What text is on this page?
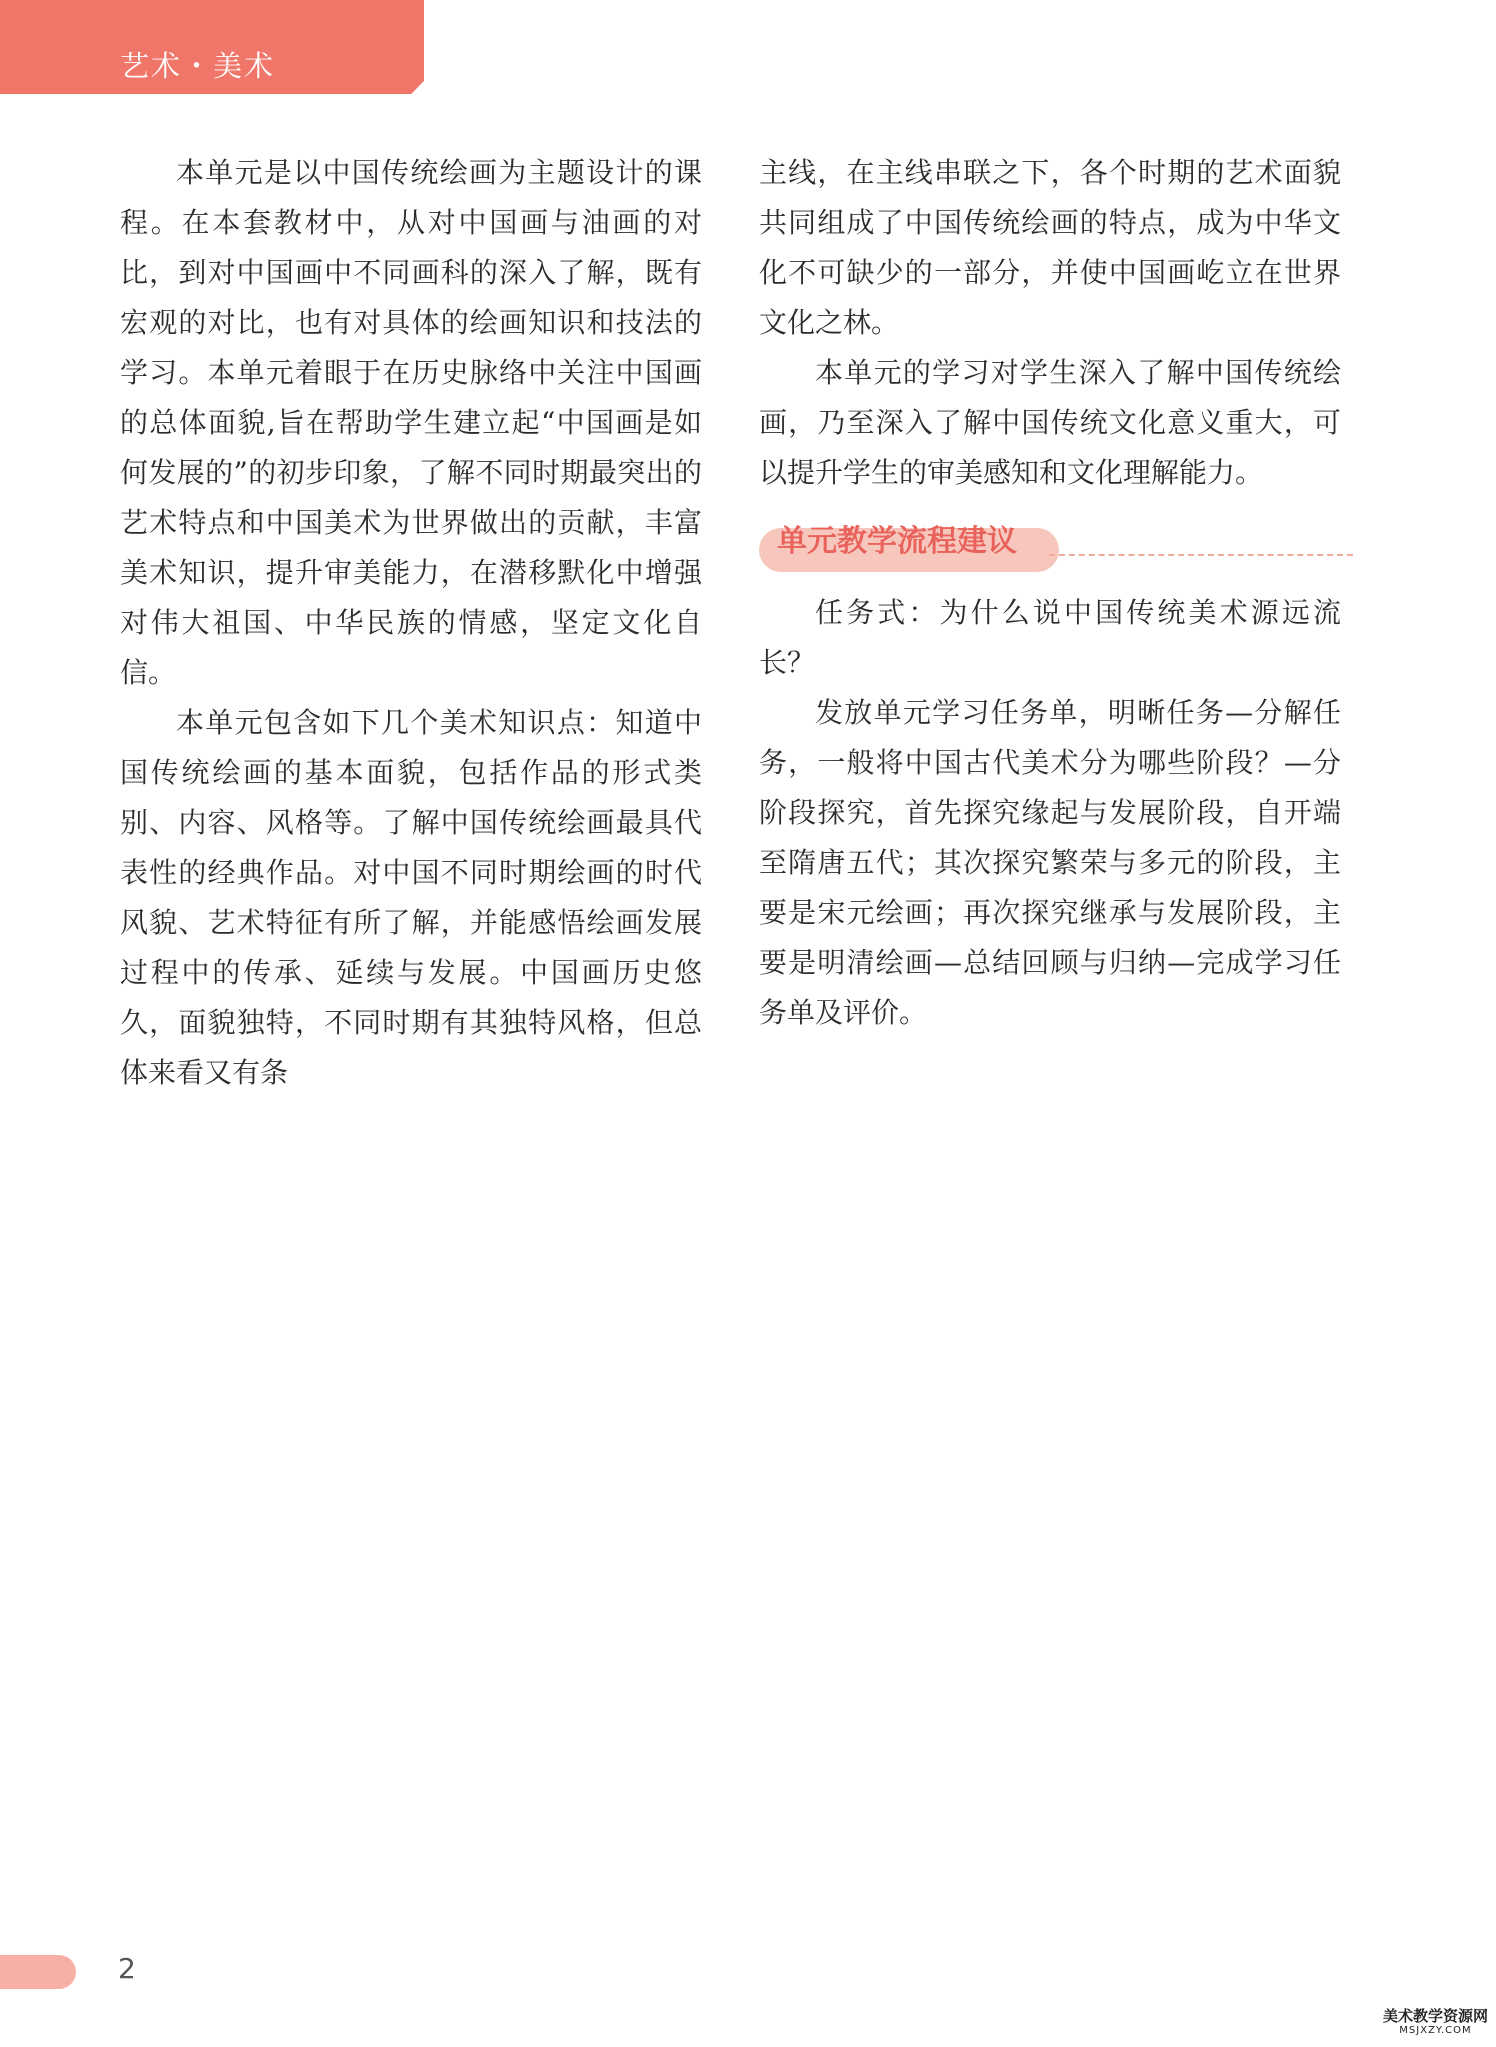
艺术・美术

本单元是以中国传统绘画为主题设计的课程。在本套教材中，从对中国画与油画的对比，到对中国画中不同画科的深入了解，既有宏观的对比，也有对具体的绘画知识和技法的学习。本单元着眼于在历史脉络中关注中国画的总体面貌,旨在帮助学生建立起“中国画是如何发展的”的初步印象，了解不同时期最突出的艺术特点和中国美术为世界做出的贡献，丰富美术知识，提升审美能力，在潜移默化中增强对伟大祖国、中华民族的情感，坚定文化自信。

本单元包含如下几个美术知识点：知道中国传统绘画的基本面貌，包括作品的形式类别、内容、风格等。了解中国传统绘画最具代表性的经典作品。对中国不同时期绘画的时代风貌、艺术特征有所了解，并能感悟绘画发展过程中的传承、延续与发展。中国画历史悠久，面貌独特，不同时期有其独特风格，但总体来看又有条

主线，在主线串联之下，各个时期的艺术面貌共同组成了中国传统绘画的特点，成为中华文化不可缺少的一部分，并使中国画屹立在世界文化之林。

本单元的学习对学生深入了解中国传统绘画，乃至深入了解中国传统文化意义重大，可以提升学生的审美感知和文化理解能力。

单元教学流程建议

任务式：为什么说中国传统美术源远流长？

发放单元学习任务单，明晰任务—分解任务，一般将中国古代美术分为哪些阶段？—分阶段探究，首先探究缘起与发展阶段，自开端至隋唐五代；其次探究繁荣与多元的阶段，主要是宋元绘画；再次探究继承与发展阶段，主要是明清绘画—总结回顾与归纳—完成学习任务单及评价。

2
美术教学资源网
MSJXZY.COM
